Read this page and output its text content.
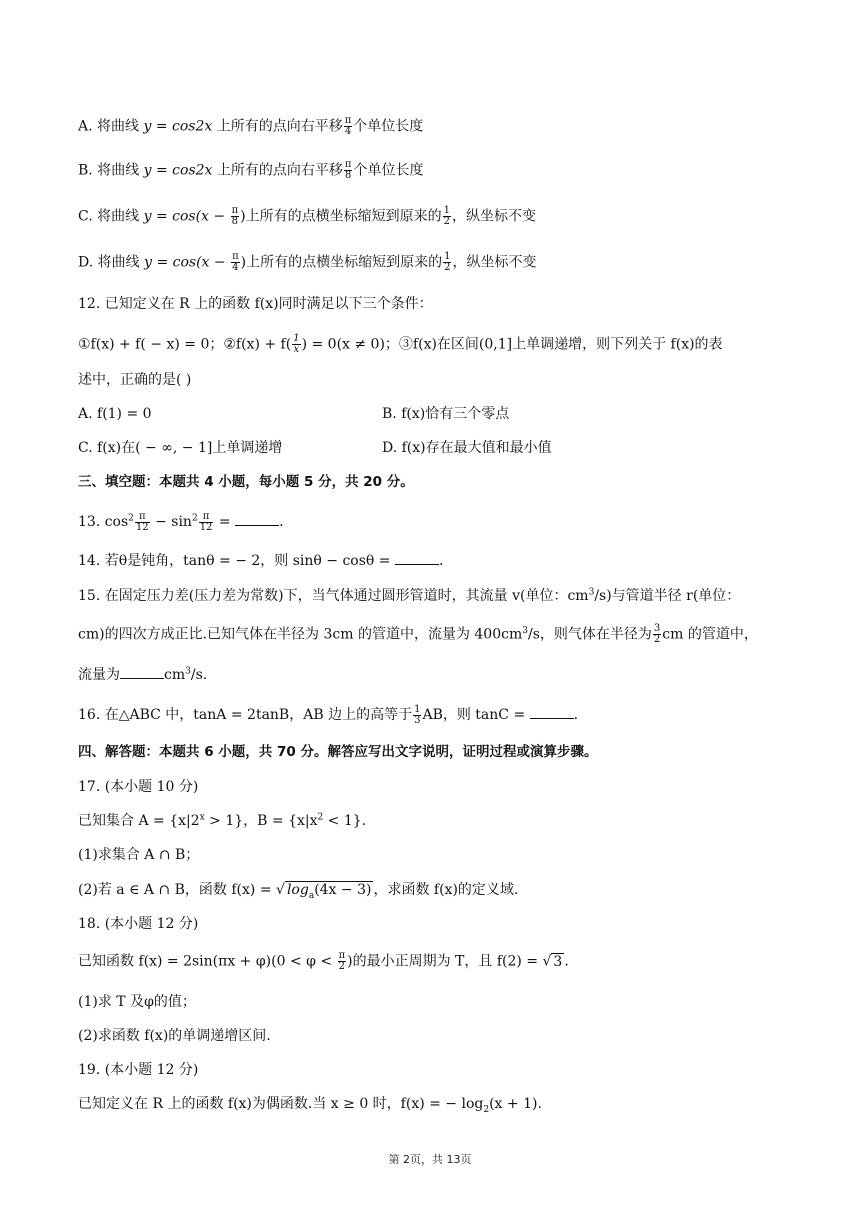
A. 将曲线 y = cos2x 上所有的点向右平移 $\frac{\pi}{4}$ 个单位长度

B. 将曲线 y = cos2x 上所有的点向右平移 $\frac{\pi}{8}$ 个单位长度

C. 将曲线 $y = \cos(x - \frac{\pi}{8}$ )上所有的点横坐标缩短到原来的 $\frac{1}{2}$ ，纵坐标不变

D. 将曲线 $y = \cos(x - \frac{\pi}{4}$ )上所有的点横坐标缩短到原来的 $\frac{1}{2}$ ，纵坐标不变

12. 已知定义在 R 上的函数 f(x)同时满足以下三个条件：

①f(x) + f( − x) = 0；②f(x) + $f( \frac{1}{x}$ ) = 0(x ≠ 0)；③f(x)在区间(0,1]上单调递增，则下列关于 f(x)的表

述中，正确的是( )

A. f(1) = 0	B. f(x)恰有三个零点

C. f(x)在( − ∞, − 1]上单调递增	D. f(x)存在最大值和最小值

三、填空题：本题共 4 小题，每小题 5 分，共 20 分。

13. $\cos^2 \frac{\pi}{12} - \sin^2 \frac{\pi}{12}$ =	.

14. 若θ是钝角，tanθ = − 2，则 sinθ − cosθ =	.

15. 在固定压力差(压力差为常数)下，当气体通过圆形管道时，其流量 v(单位：$cm^3/s$)与管道半径 r(单位：

cm)的四次方成正比.已知气体在半径为 3cm 的管道中，流量为 $400cm^3/s$，则气体在半径为 $\frac{3}{2}$ cm 的管道中，

流量为	$cm^3/s$.

16. 在△ABC 中，tanA = 2tanB，AB 边上的高等于 $\frac{1}{3}$ AB，则 tanC =	.

四、解答题：本题共 6 小题，共 70 分。解答应写出文字说明，证明过程或演算步骤。

17. (本小题 10 分)

已知集合 $A = \{x|2^x > 1\}$，$B = \{x|x^2 < 1\}$.

(1)求集合 A ∩ B；

(2)若 a ∈ A ∩ B，函数 f(x) = √ $\log_a(4x - 3)$ ，求函数 f(x)的定义域.

18. (本小题 12 分)

已知函数 $f(x) = 2\sin(\pi x + \varphi)(0 < \varphi < \frac{\pi}{2}$ )的最小正周期为 T，且 f(2) = √ 3 .

(1)求 T 及φ的值；

(2)求函数 f(x)的单调递增区间.

19. (本小题 12 分)

已知定义在 R 上的函数 f(x)为偶函数.当 x ≥ 0 时，f(x) = − $\log_2(x + 1)$.

第 2页，共 13页
